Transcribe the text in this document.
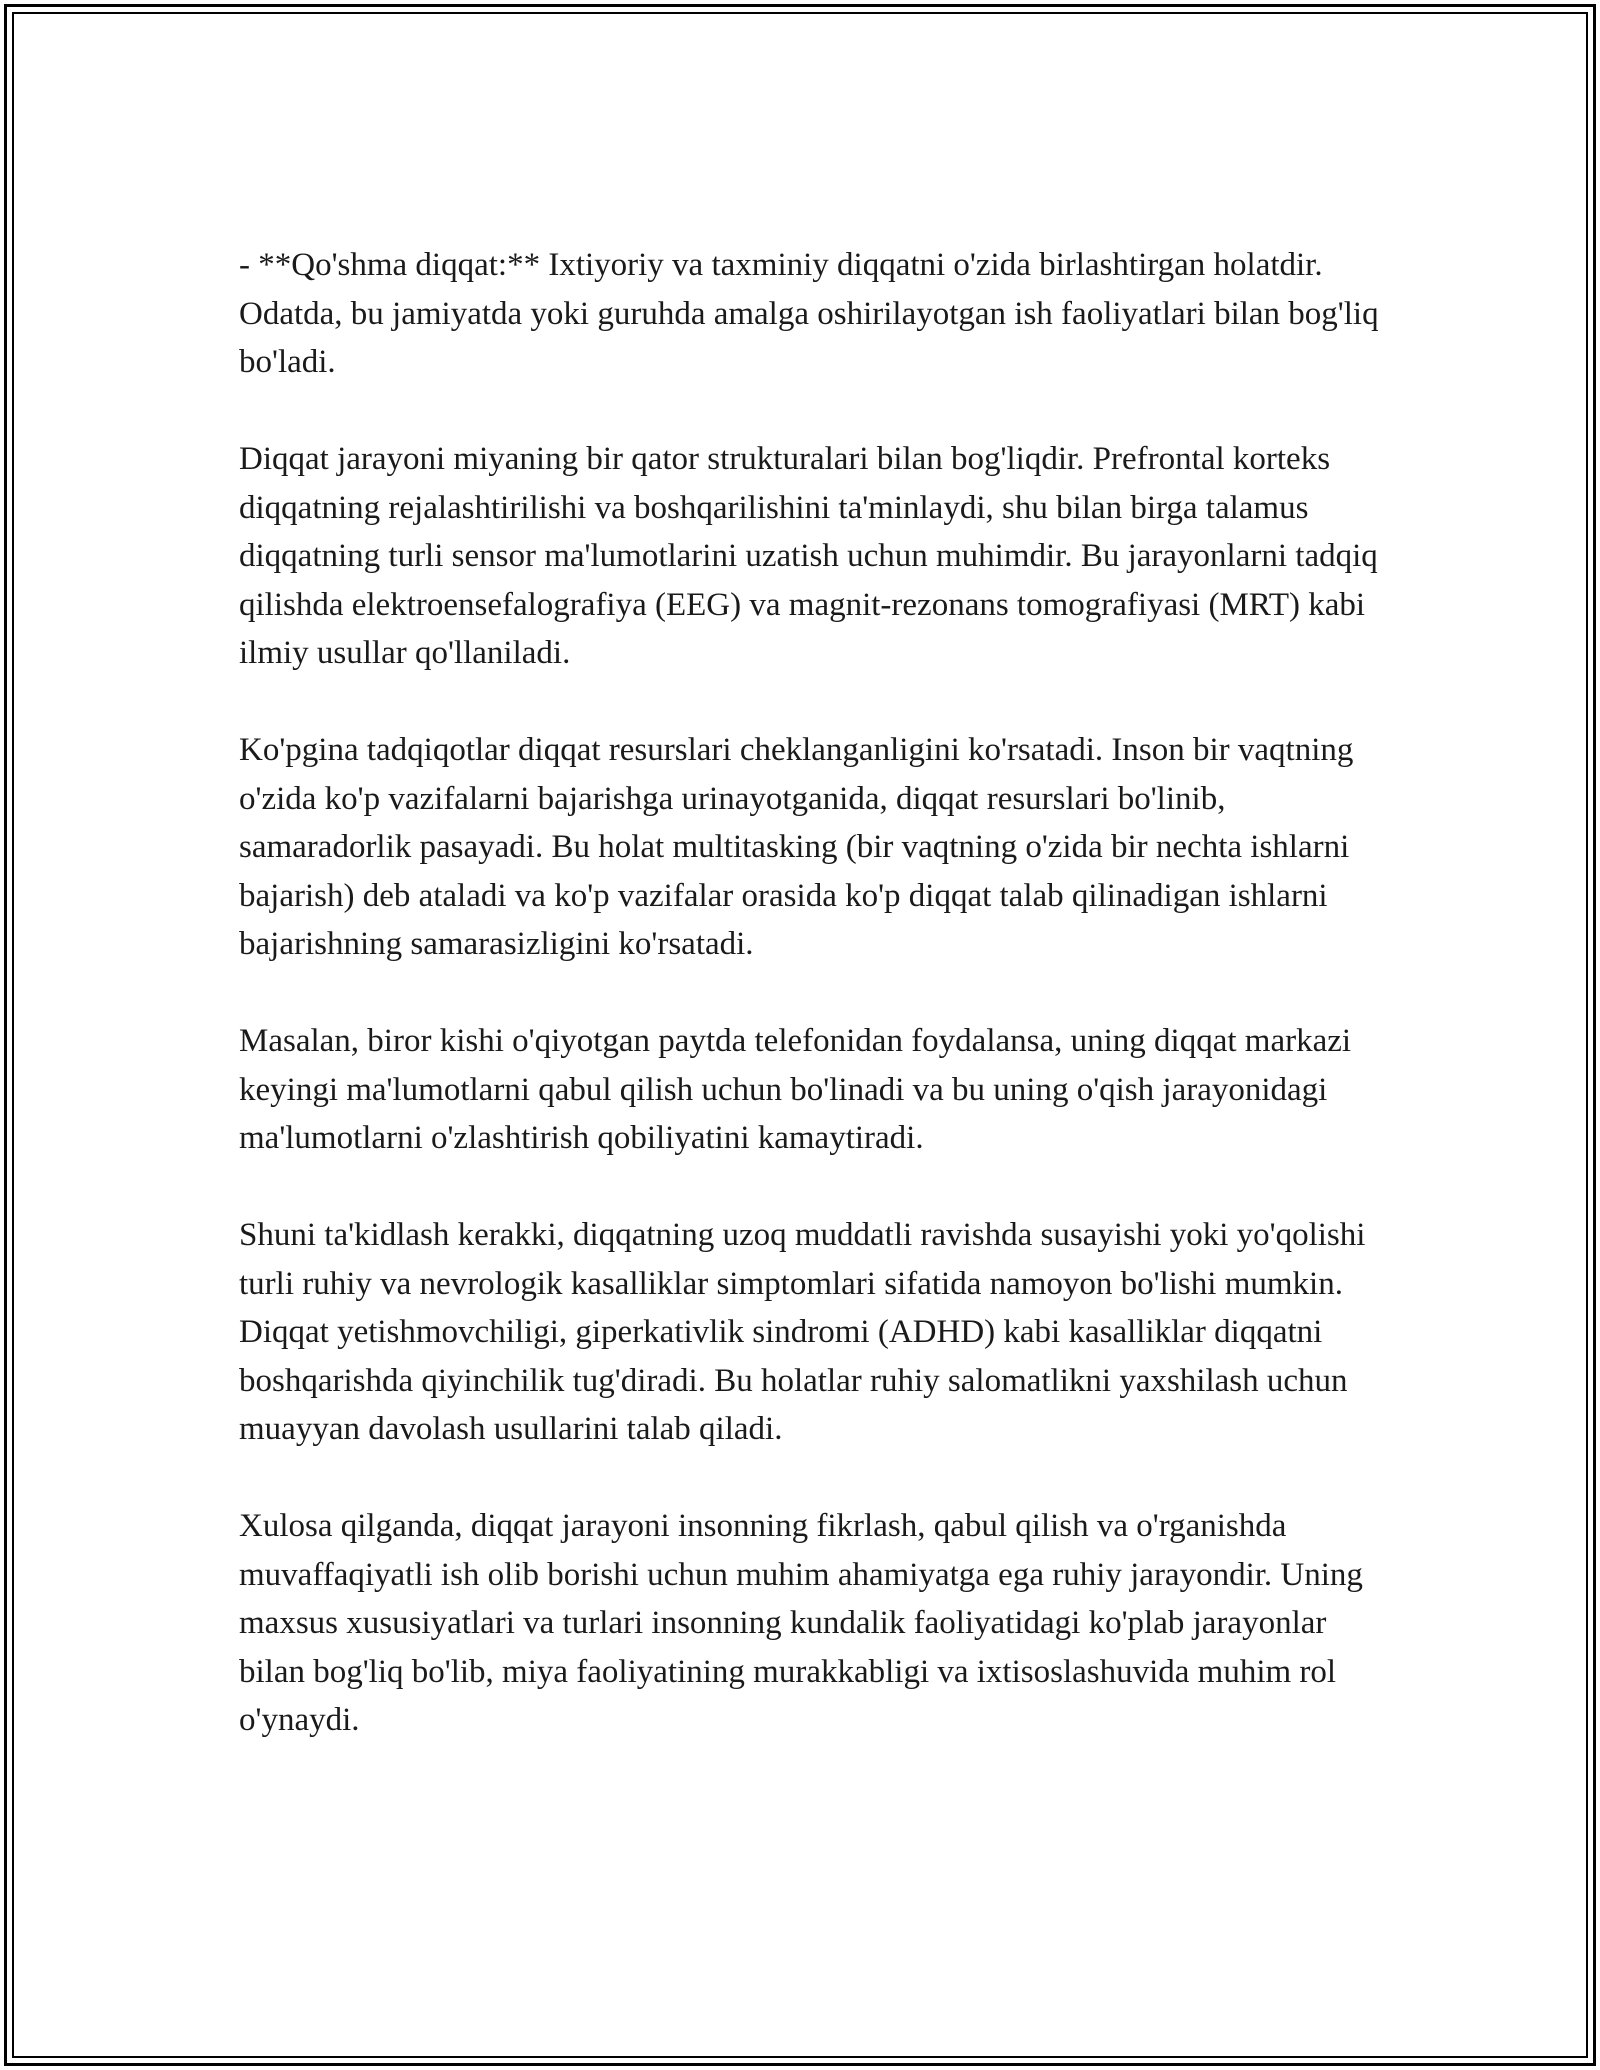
- **Qo'shma diqqat:** Ixtiyoriy va taxminiy diqqatni o'zida birlashtirgan holatdir. Odatda, bu jamiyatda yoki guruhda amalga oshirilayotgan ish faoliyatlari bilan bog'liq bo'ladi.

Diqqat jarayoni miyaning bir qator strukturalari bilan bog'liqdir. Prefrontal korteks diqqatning rejalashtirilishi va boshqarilishini ta'minlaydi, shu bilan birga talamus diqqatning turli sensor ma'lumotlarini uzatish uchun muhimdir. Bu jarayonlarni tadqiq qilishda elektroensefalografiya (EEG) va magnit-rezonans tomografiyasi (MRT) kabi ilmiy usullar qo'llaniladi.

Ko'pgina tadqiqotlar diqqat resurslari cheklanganligini ko'rsatadi. Inson bir vaqtning o'zida ko'p vazifalarni bajarishga urinayotganida, diqqat resurslari bo'linib, samaradorlik pasayadi. Bu holat multitasking (bir vaqtning o'zida bir nechta ishlarni bajarish) deb ataladi va ko'p vazifalar orasida ko'p diqqat talab qilinadigan ishlarni bajarishning samarasizligini ko'rsatadi.

Masalan, biror kishi o'qiyotgan paytda telefonidan foydalansa, uning diqqat markazi keyingi ma'lumotlarni qabul qilish uchun bo'linadi va bu uning o'qish jarayonidagi ma'lumotlarni o'zlashtirish qobiliyatini kamaytiradi.

Shuni ta'kidlash kerakki, diqqatning uzoq muddatli ravishda susayishi yoki yo'qolishi turli ruhiy va nevrologik kasalliklar simptomlari sifatida namoyon bo'lishi mumkin. Diqqat yetishmovchiligi, giperkativlik sindromi (ADHD) kabi kasalliklar diqqatni boshqarishda qiyinchilik tug'diradi. Bu holatlar ruhiy salomatlikni yaxshilash uchun muayyan davolash usullarini talab qiladi.

Xulosa qilganda, diqqat jarayoni insonning fikrlash, qabul qilish va o'rganishda muvaffaqiyatli ish olib borishi uchun muhim ahamiyatga ega ruhiy jarayondir. Uning maxsus xususiyatlari va turlari insonning kundalik faoliyatidagi ko'plab jarayonlar bilan bog'liq bo'lib, miya faoliyatining murakkabligi va ixtisoslashuvida muhim rol o'ynaydi.
